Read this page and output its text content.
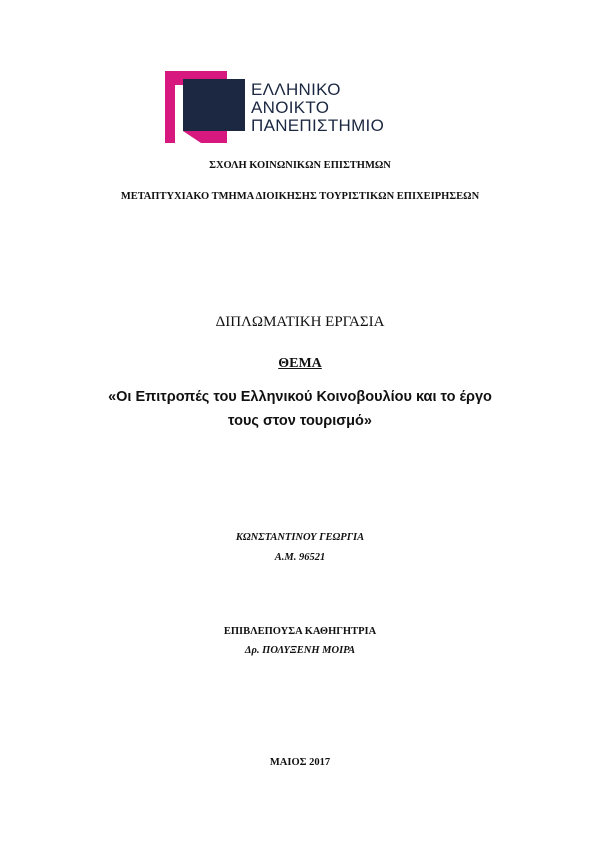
ΕΛΛΗΝΙΚΟ
ΑΝΟΙΚΤΟ
ΠΑΝΕΠΙΣΤΗΜΙΟ
ΣΧΟΛΗ ΚΟΙΝΩΝΙΚΩΝ ΕΠΙΣΤΗΜΩΝ
ΜΕΤΑΠΤΥΧΙΑΚΟ ΤΜΗΜΑ ΔΙΟΙΚΗΣΗΣ ΤΟΥΡΙΣΤΙΚΩΝ ΕΠΙΧΕΙΡΗΣΕΩΝ
ΔΙΠΛΩΜΑΤΙΚΗ ΕΡΓΑΣΙΑ
ΘΕΜΑ
«Οι Επιτροπές του Ελληνικού Κοινοβουλίου και το έργο
τους στον τουρισμό»
ΚΩΝΣΤΑΝΤΙΝΟΥ ΓΕΩΡΓΙΑ
Α.Μ. 96521
ΕΠΙΒΛΕΠΟΥΣΑ ΚΑΘΗΓΗΤΡΙΑ
Δρ. ΠΟΛΥΞΕΝΗ ΜΟΙΡΑ
ΜΑΙΟΣ 2017
